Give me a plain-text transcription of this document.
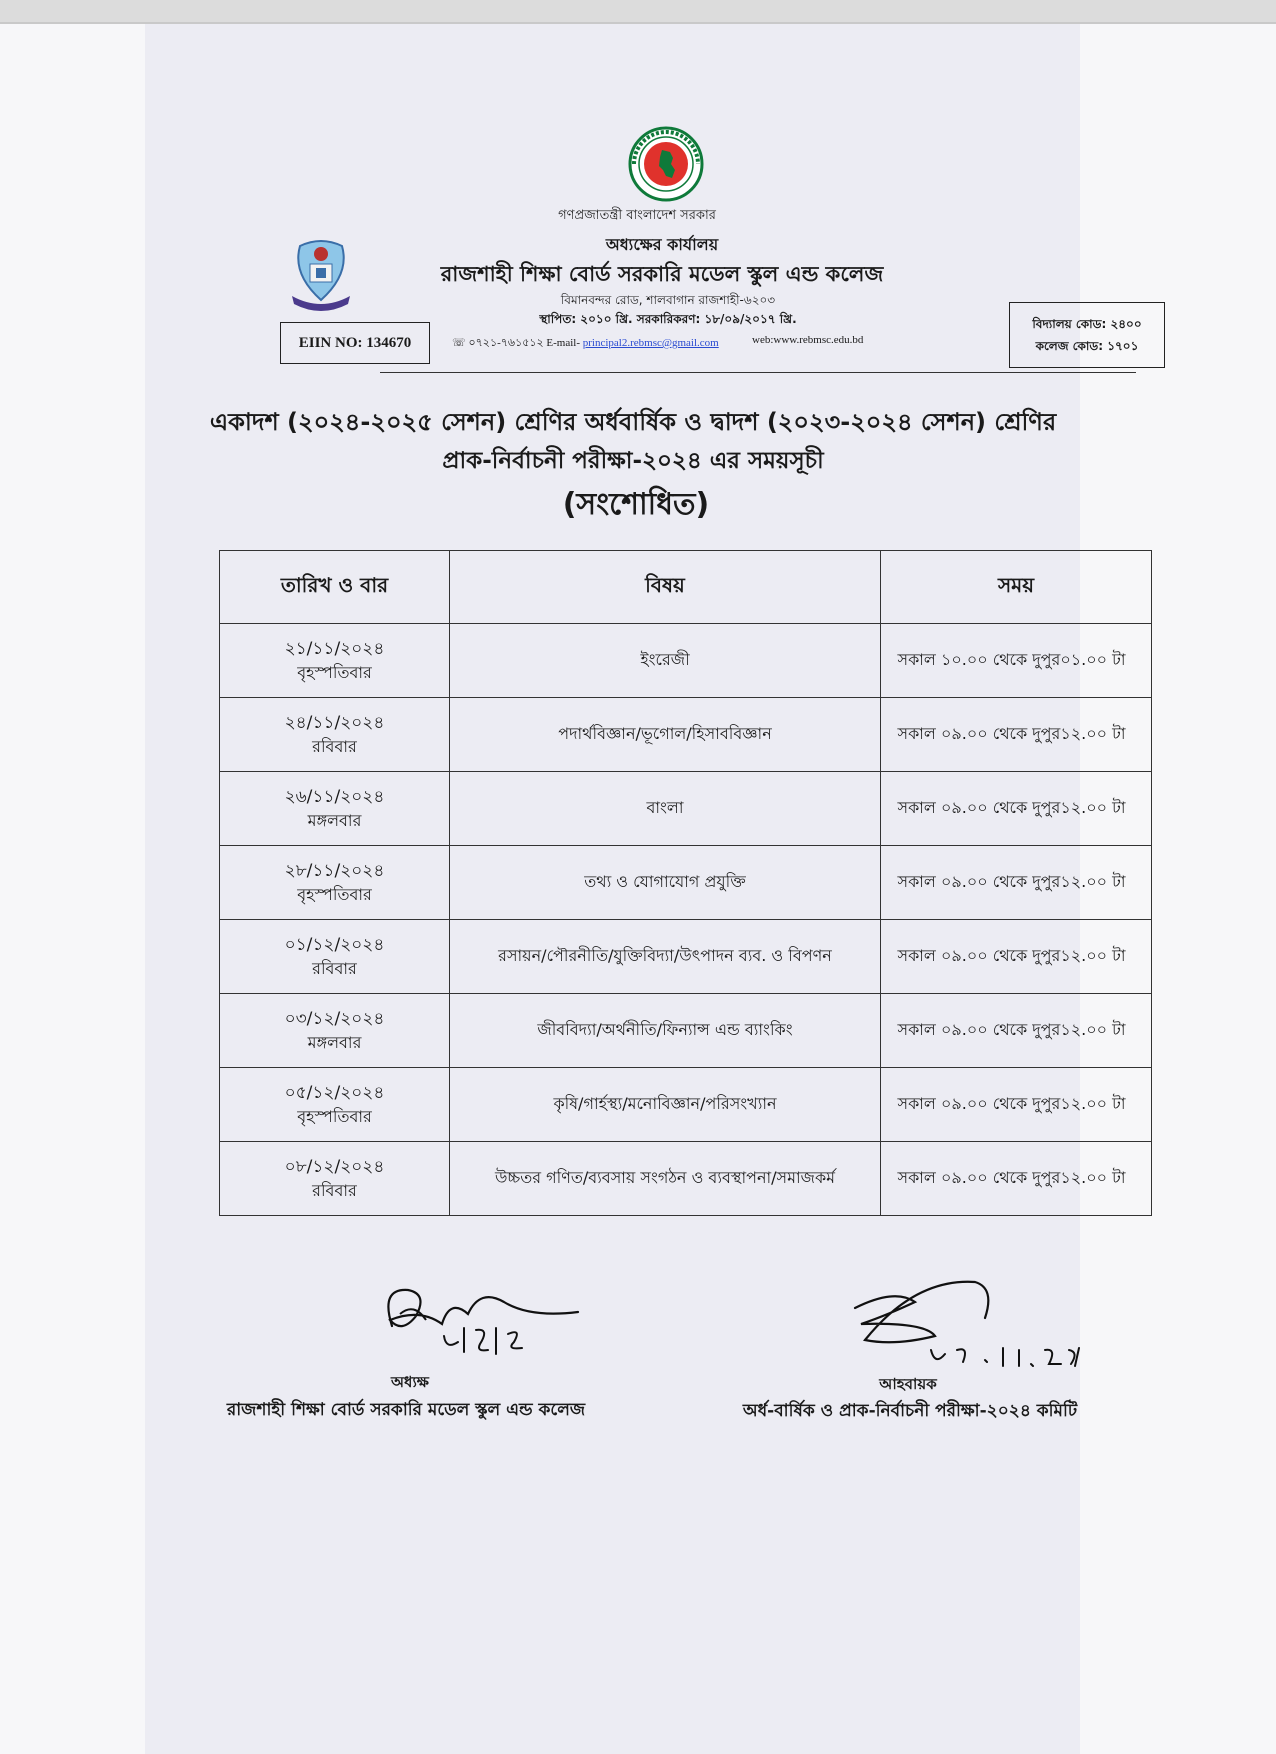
গণপ্রজাতন্ত্রী বাংলাদেশ সরকার
অধ্যক্ষের কার্যালয়
রাজশাহী শিক্ষা বোর্ড সরকারি মডেল স্কুল এন্ড কলেজ
বিমানবন্দর রোড, শালবাগান রাজশাহী-৬২০৩
স্থাপিত: ২০১০ খ্রি. সরকারিকরণ: ১৮/০৯/২০১৭ খ্রি.
EIIN NO: 134670	☏ ০৭২১-৭৬১৫১২ E-mail- principal2.rebmsc@gmail.com	web:www.rebmsc.edu.bd
বিদ্যালয় কোড: ২৪০০
কলেজ কোড: ১৭০১
একাদশ (২০২৪-২০২৫ সেশন) শ্রেণির অর্ধবার্ষিক ও দ্বাদশ (২০২৩-২০২৪ সেশন) শ্রেণির
প্রাক-নির্বাচনী পরীক্ষা-২০২৪ এর সময়সূচী
(সংশোধিত)
তারিখ ও বার	বিষয়	সময়

২১/১১/২০২৪
বৃহস্পতিবার	ইংরেজী	সকাল ১০.০০ থেকে দুপুর০১.০০ টা

২৪/১১/২০২৪
রবিবার	পদার্থবিজ্ঞান/ভূগোল/হিসাববিজ্ঞান	সকাল ০৯.০০ থেকে দুপুর১২.০০ টা

২৬/১১/২০২৪
মঙ্গলবার	বাংলা	সকাল ০৯.০০ থেকে দুপুর১২.০০ টা

২৮/১১/২০২৪
বৃহস্পতিবার	তথ্য ও যোগাযোগ প্রযুক্তি	সকাল ০৯.০০ থেকে দুপুর১২.০০ টা

০১/১২/২০২৪
রবিবার	রসায়ন/পৌরনীতি/যুক্তিবিদ্যা/উৎপাদন ব্যব. ও বিপণন	সকাল ০৯.০০ থেকে দুপুর১২.০০ টা

০৩/১২/২০২৪
মঙ্গলবার	জীববিদ্যা/অর্থনীতি/ফিন্যান্স এন্ড ব্যাংকিং	সকাল ০৯.০০ থেকে দুপুর১২.০০ টা

০৫/১২/২০২৪
বৃহস্পতিবার	কৃষি/গার্হস্থ্য/মনোবিজ্ঞান/পরিসংখ্যান	সকাল ০৯.০০ থেকে দুপুর১২.০০ টা

০৮/১২/২০২৪
রবিবার	উচ্চতর গণিত/ব্যবসায় সংগঠন ও ব্যবস্থাপনা/সমাজকর্ম	সকাল ০৯.০০ থেকে দুপুর১২.০০ টা
অধ্যক্ষ
রাজশাহী শিক্ষা বোর্ড সরকারি মডেল স্কুল এন্ড কলেজ
আহবায়ক
অর্ধ-বার্ষিক ও প্রাক-নির্বাচনী পরীক্ষা-২০২৪ কমিটি
